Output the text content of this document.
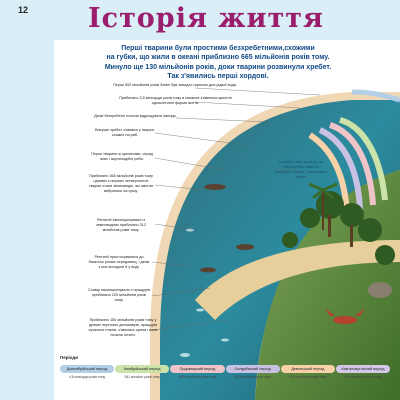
12 Історія життя

Перші тварини були простими безхребетними,схожими

на губки, що жили в океані приблизно 665 мільйонів років тому.

Минуло ще 130 мільйонів років, доки тварини розвинули хребет.

Так з'явились перші хордові.

Перші 500 мільйонів років Землі був занадто гарячою для рідкої води.
Приблизно 3,5 мільярди років тому в океанах з'явилися крихітні одноклітинні форми життя.
Деякі безхребетні почали відрощувати панцир.
Вперше хребет з'явився у тварин, схожих на риб.
Перші тварини зі щелепами, серед яких і акулоподібні риби.
Приблизно 365 мільйонів років тому одними з перших четвероногих тварин стали земноводні, які змогли вибратись на сушу.
Рептилії еволюціонували із земноводних приблизно 312 мільйонів років тому.
Рептилії пристосувалися до багатьох різних середовищ, і деякі з них володіли й у воді.
Ссавці еволюціонували з пращурів приблизно 225 мільйонів років тому.
Приблизно 150 мільйонів років тому у деяких пернатих динозаврів, пращурів сучасних птахів, з'явились крила і вони почали літати.
Із хмари газів та пилу, що оберталися навколо молодого Сонця, утворилася Земля.
Періоди
Докембрійський період
4,6 мільярди років тому
Кембрійський період
541 мільйон років тому
Ордовицький період
485 мільйонів років тому
Силурійський період
443 мільйони років тому
Девонський період
419 мільйонів років тому
Кам'яновугільний період
359 мільйонів років тому
